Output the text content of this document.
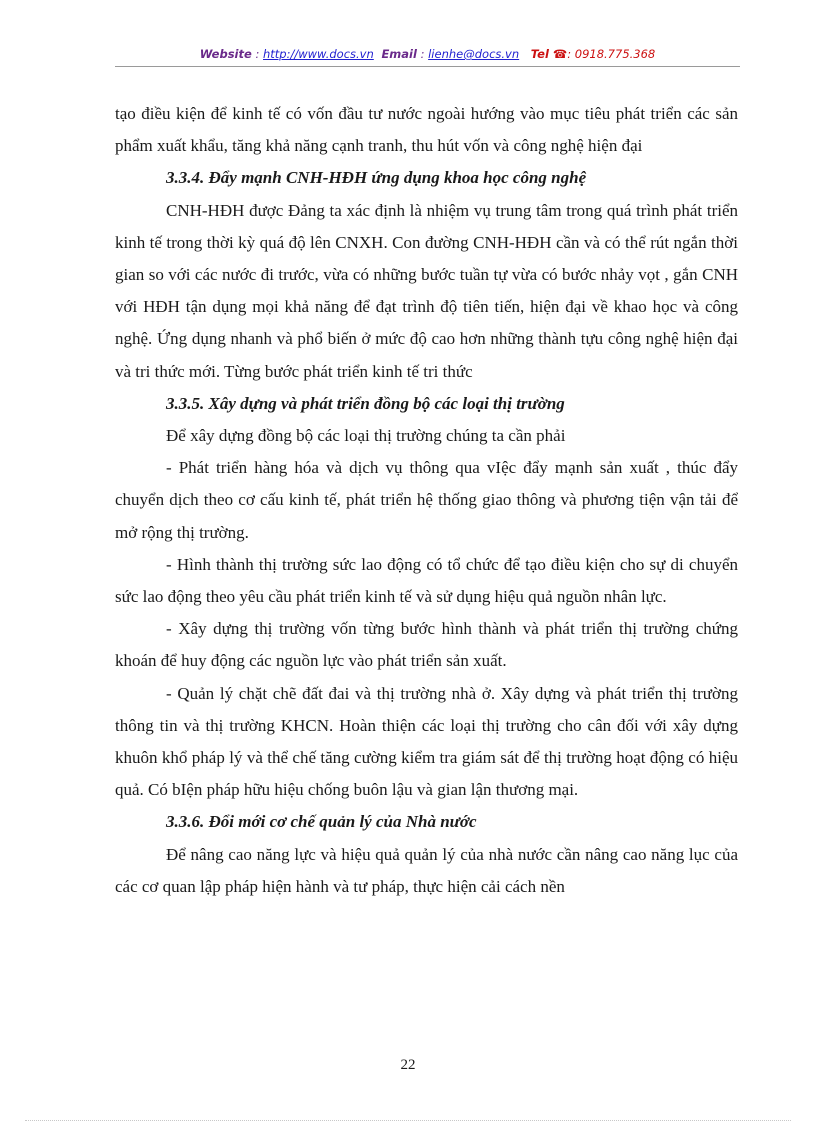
Website : http://www.docs.vn Email : lienhe@docs.vn Tel ☎: 0918.775.368

tạo điều kiện để kinh tế có vốn đầu tư nước ngoài hướng vào mục tiêu phát triển các sản phẩm xuất khẩu, tăng khả năng cạnh tranh, thu hút vốn và công nghệ hiện đại

3.3.4. Đẩy mạnh CNH-HĐH ứng dụng khoa học công nghệ

CNH-HĐH được Đảng ta xác định là nhiệm vụ trung tâm trong quá trình phát triển kinh tế trong thời kỳ quá độ lên CNXH. Con đường CNH-HĐH cần và có thể rút ngắn thời gian so với các nước đi trước, vừa có những bước tuần tự vừa có bước nhảy vọt , gắn CNH với HĐH tận dụng mọi khả năng để đạt trình độ tiên tiến, hiện đại về khao học và công nghệ. Ứng dụng nhanh và phổ biến ở mức độ cao hơn những thành tựu công nghệ hiện đại và tri thức mới. Từng bước phát triển kinh tế tri thức

3.3.5. Xây dựng và phát triển đồng bộ các loại thị trường

Để xây dựng đồng bộ các loại thị trường chúng ta cần phải

- Phát triển hàng hóa và dịch vụ thông qua vIệc đẩy mạnh sản xuất , thúc đẩy chuyển dịch theo cơ cấu kinh tế, phát triển hệ thống giao thông và phương tiện vận tải để mở rộng thị trường.

- Hình thành thị trường sức lao động có tổ chức để tạo điều kiện cho sự di chuyển sức lao động theo yêu cầu phát triển kinh tế và sử dụng hiệu quả nguồn nhân lực.

- Xây dựng thị trường vốn từng bước hình thành và phát triển thị trường chứng khoán để huy động các nguồn lực vào phát triển sản xuất.

- Quản lý chặt chẽ đất đai và thị trường nhà ở. Xây dựng và phát triển thị trường thông tin và thị trường KHCN. Hoàn thiện các loại thị trường cho cân đối với xây dựng khuôn khổ pháp lý và thể chế tăng cường kiểm tra giám sát để thị trường hoạt động có hiệu quả. Có bIện pháp hữu hiệu chống buôn lậu và gian lận thương mại.

3.3.6. Đổi mới cơ chế quản lý của Nhà nước

Để nâng cao năng lực và hiệu quả quản lý của nhà nước cần nâng cao năng lục của các cơ quan lập pháp hiện hành và tư pháp, thực hiện cải cách nền

22
